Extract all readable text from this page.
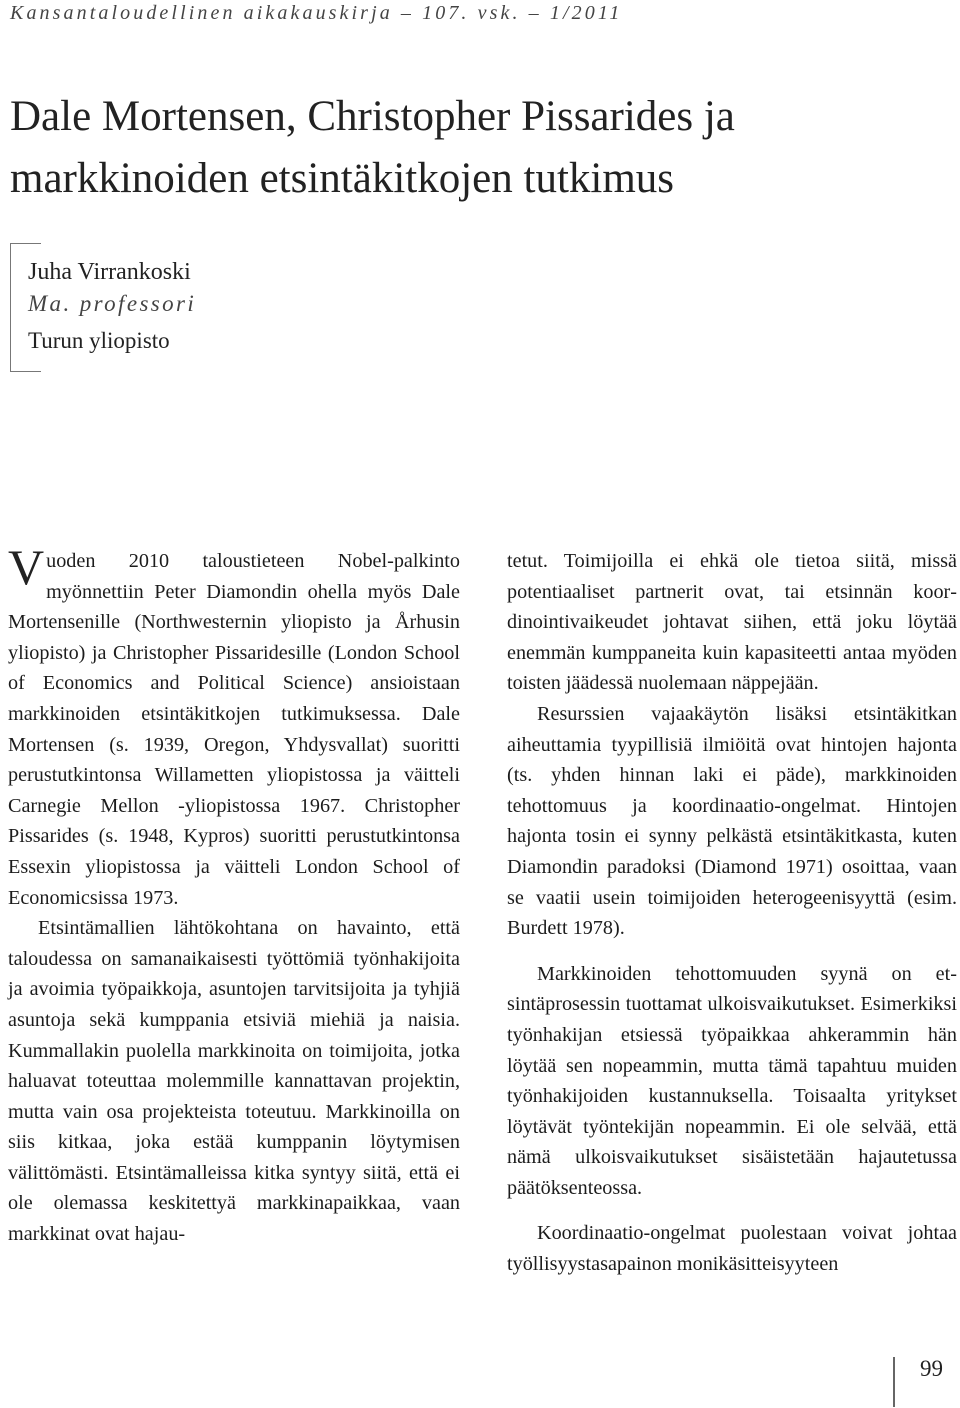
Kansantaloudellinen aikakauskirja – 107. vsk. – 1/2011
Dale Mortensen, Christopher Pissarides ja
markkinoiden etsintäkitkojen tutkimus
Juha Virrankoski
Ma. professori
Turun yliopisto

Vuoden 2010 taloustieteen Nobel-palkinto myönnettiin Peter Diamondin ohella myös Dale Mortensenille (Northwesternin yliopisto ja Århusin yliopisto) ja Christopher Pissaridesille (London School of Economics and Political Science) ansioistaan markkinoiden etsintäkitkojen tutkimuksessa. Dale Mortensen (s. 1939, Oregon, Yhdysvallat) suoritti perustutkintonsa Willametten yliopistossa ja väitteli Carnegie Mellon -yliopistossa 1967. Christopher Pissarides (s. 1948, Kypros) suoritti perustutkintonsa Essexin yliopistossa ja väitteli London School of Economicsissa 1973.

Etsintämallien lähtökohtana on havainto, että taloudessa on samanaikaisesti työttömiä työnhakijoita ja avoimia työpaikkoja, asuntojen tarvitsijoita ja tyhjiä asuntoja sekä kumppania etsiviä miehiä ja naisia. Kummallakin puolella markkinoita on toimijoita, jotka haluavat toteuttaa molemmille kannattavan projektin, mutta vain osa projekteista toteutuu. Markkinoilla on siis kitkaa, joka estää kumppanin löytymisen välittömästi. Etsintämalleissa kitka syntyy siitä, että ei ole olemassa keskitettyä markkinapaikkaa, vaan markkinat ovat hajau-

tetut. Toimijoilla ei ehkä ole tietoa siitä, missä potentiaaliset partnerit ovat, tai etsinnän koordinointivaikeudet johtavat siihen, että joku löytää enemmän kumppaneita kuin kapasiteetti antaa myöden toisten jäädessä nuolemaan näppejään.

Resurssien vajaakäytön lisäksi etsintäkitkan aiheuttamia tyypillisiä ilmiöitä ovat hintojen hajonta (ts. yhden hinnan laki ei päde), markkinoiden tehottomuus ja koordinaatio-ongelmat. Hintojen hajonta tosin ei synny pelkästä etsintäkitkasta, kuten Diamondin paradoksi (Diamond 1971) osoittaa, vaan se vaatii usein toimijoiden heterogeenisyyttä (esim. Burdett 1978).

Markkinoiden tehottomuuden syynä on etsintäprosessin tuottamat ulkoisvaikutukset. Esimerkiksi työnhakijan etsiessä työpaikkaa ahkerammin hän löytää sen nopeammin, mutta tämä tapahtuu muiden työnhakijoiden kustannuksella. Toisaalta yritykset löytävät työntekijän nopeammin. Ei ole selvää, että nämä ulkoisvaikutukset sisäistetään hajautetussa päätöksenteossa.

Koordinaatio-ongelmat puolestaan voivat johtaa työllisyystasapainon monikäsitteisyyteen

99
